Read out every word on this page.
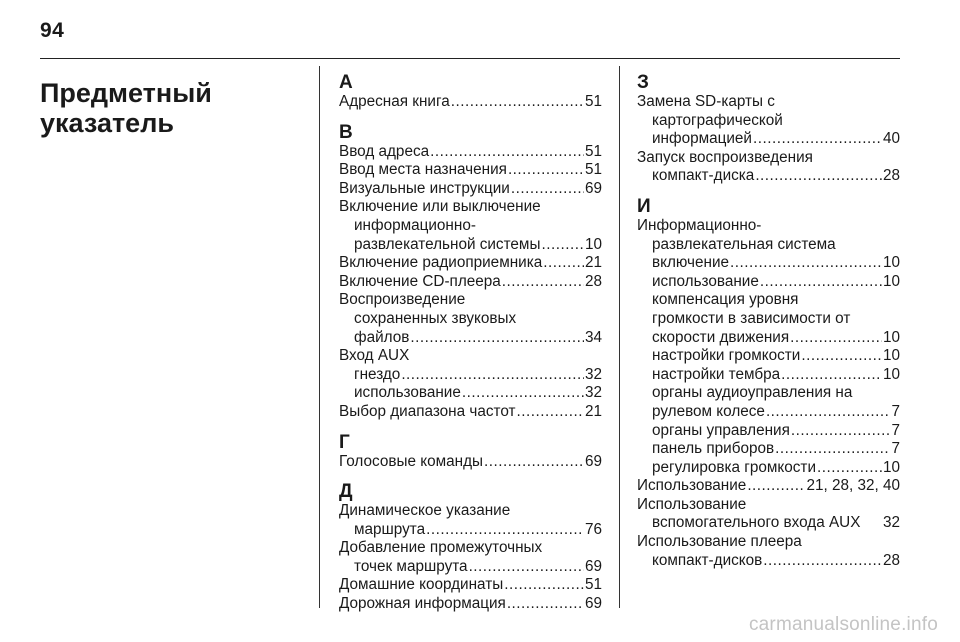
94
Предметный
указатель
А
Адресная книга .....	51
В
Ввод адреса .....	51
Ввод места назначения .....	51
Визуальные инструкции .....	69
Включение или выключение
информационно-
развлекательной системы .....	10
Включение радиоприемника .....	21
Включение CD-плеера .....	28
Воспроизведение
сохраненных звуковых
файлов .....	34
Вход AUX
гнездо .....	32
использование .....	32
Выбор диапазона частот .....	21
Г
Голосовые команды .....	69
Д
Динамическое указание
маршрута .....	76
Добавление промежуточных
точек маршрута .....	69
Домашние координаты .....	51
Дорожная информация .....	69
З
Замена SD-карты с
картографической
информацией .....	40
Запуск воспроизведения
компакт-диска .....	28
И
Информационно-
развлекательная система
включение .....	10
использование .....	10
компенсация уровня
громкости в зависимости от
скорости движения .....	10
настройки громкости .....	10
настройки тембра .....	10
органы аудиоуправления на
рулевом колесе .....	7
органы управления .....	7
панель приборов .....	7
регулировка громкости .....	10
Использование .....	21, 28, 32, 40
Использование
вспомогательного входа AUX 32
Использование плеера
компакт-дисков .....	28
carmanualsonline.info
